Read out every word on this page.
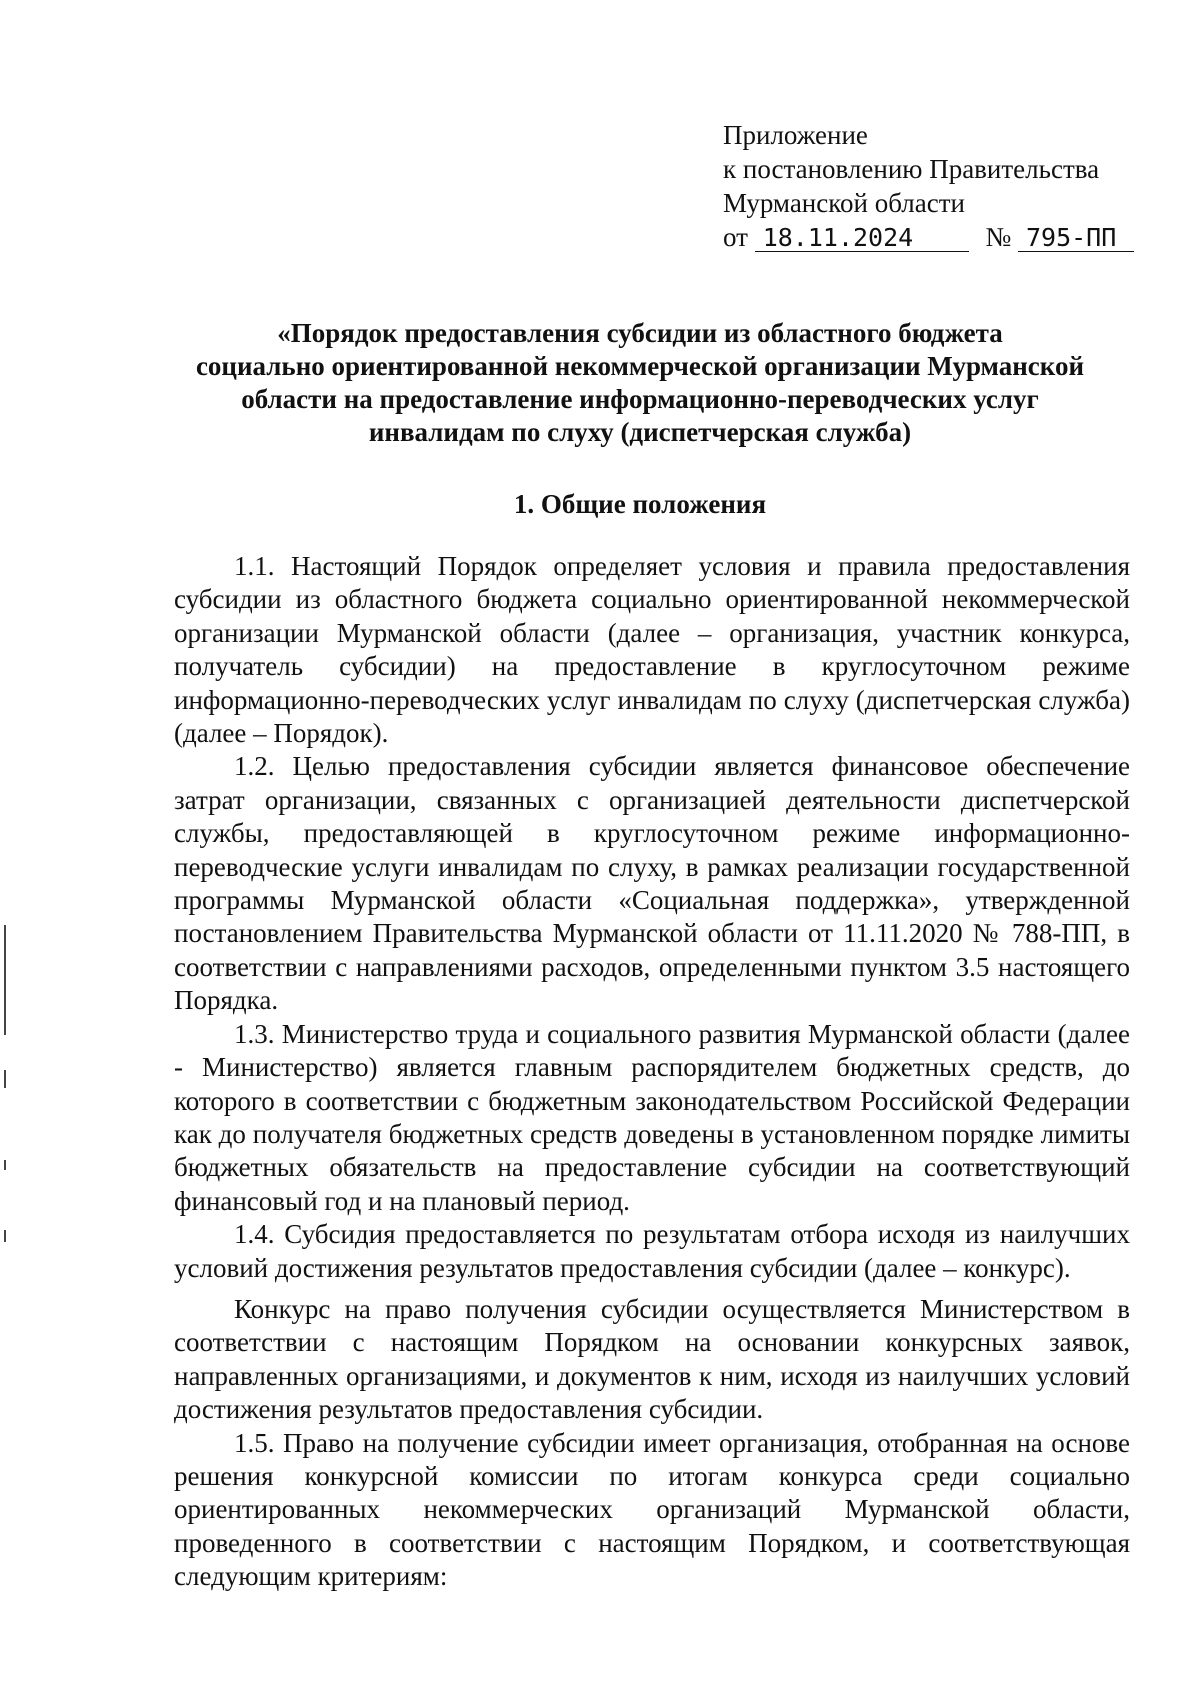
Приложение
к постановлению Правительства
Мурманской области
от 18.11.2024	№ 795-ПП
«Порядок предоставления субсидии из областного бюджета
социально ориентированной некоммерческой организации Мурманской
области на предоставление информационно-переводческих услуг
инвалидам по слуху (диспетчерская служба)
1. Общие положения

1.1. Настоящий Порядок определяет условия и правила предоставления субсидии из областного бюджета социально ориентированной некоммерческой организации Мурманской области (далее – организация, участник конкурса, получатель субсидии) на предоставление в круглосуточном режиме информационно-переводческих услуг инвалидам по слуху (диспетчерская служба) (далее – Порядок).

1.2. Целью предоставления субсидии является финансовое обеспечение затрат организации, связанных с организацией деятельности диспетчерской службы, предоставляющей в круглосуточном режиме информационно-переводческие услуги инвалидам по слуху, в рамках реализации государственной программы Мурманской области «Социальная поддержка», утвержденной постановлением Правительства Мурманской области от 11.11.2020 № 788-ПП, в соответствии с направлениями расходов, определенными пунктом 3.5 настоящего Порядка.

1.3. Министерство труда и социального развития Мурманской области (далее - Министерство) является главным распорядителем бюджетных средств, до которого в соответствии с бюджетным законодательством Российской Федерации как до получателя бюджетных средств доведены в установленном порядке лимиты бюджетных обязательств на предоставление субсидии на соответствующий финансовый год и на плановый период.

1.4. Субсидия предоставляется по результатам отбора исходя из наилучших условий достижения результатов предоставления субсидии (далее – конкурс).

Конкурс на право получения субсидии осуществляется Министерством в соответствии с настоящим Порядком на основании конкурсных заявок, направленных организациями, и документов к ним, исходя из наилучших условий достижения результатов предоставления субсидии.

1.5. Право на получение субсидии имеет организация, отобранная на основе решения конкурсной комиссии по итогам конкурса среди социально ориентированных некоммерческих организаций Мурманской области, проведенного в соответствии с настоящим Порядком, и соответствующая следующим критериям:
